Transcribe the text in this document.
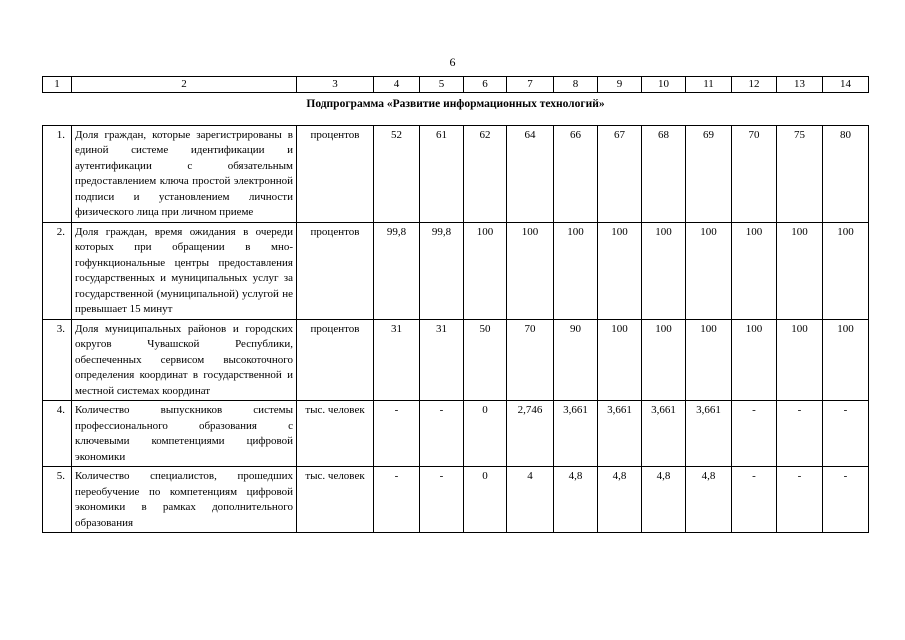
6
1	2	3	4	5	6	7	8	9	10	11	12	13	14
Подпрограмма «Развитие информационных технологий»													
1.	Доля граждан, которые зарегистрированы в единой системе идентификации и аутентификации с обязательным предоставлением ключа простой электронной подписи и установлением личности физического лица при личном приеме	процентов	52	61	62	64	66	67	68	69	70	75	80
2.	Доля граждан, время ожидания в очереди которых при обращении в многофункциональные центры предоставления государственных и муниципальных услуг за государственной (муниципальной) услугой не превышает 15 минут	процентов	99,8	99,8	100	100	100	100	100	100	100	100	100
3.	Доля муниципальных районов и городских округов Чувашской Республики, обеспеченных сервисом высокоточного определения координат в государственной и местной системах координат	процентов	31	31	50	70	90	100	100	100	100	100	100
4.	Количество выпускников системы профессионального образования с ключевыми компетенциями цифровой экономики	тыс. человек	-	-	0	2,746	3,661	3,661	3,661	3,661	-	-	-
5.	Количество специалистов, прошедших переобучение по компетенциям цифровой экономики в рамках дополнительного образования	тыс. человек	-	-	0	4	4,8	4,8	4,8	4,8	-	-	-
